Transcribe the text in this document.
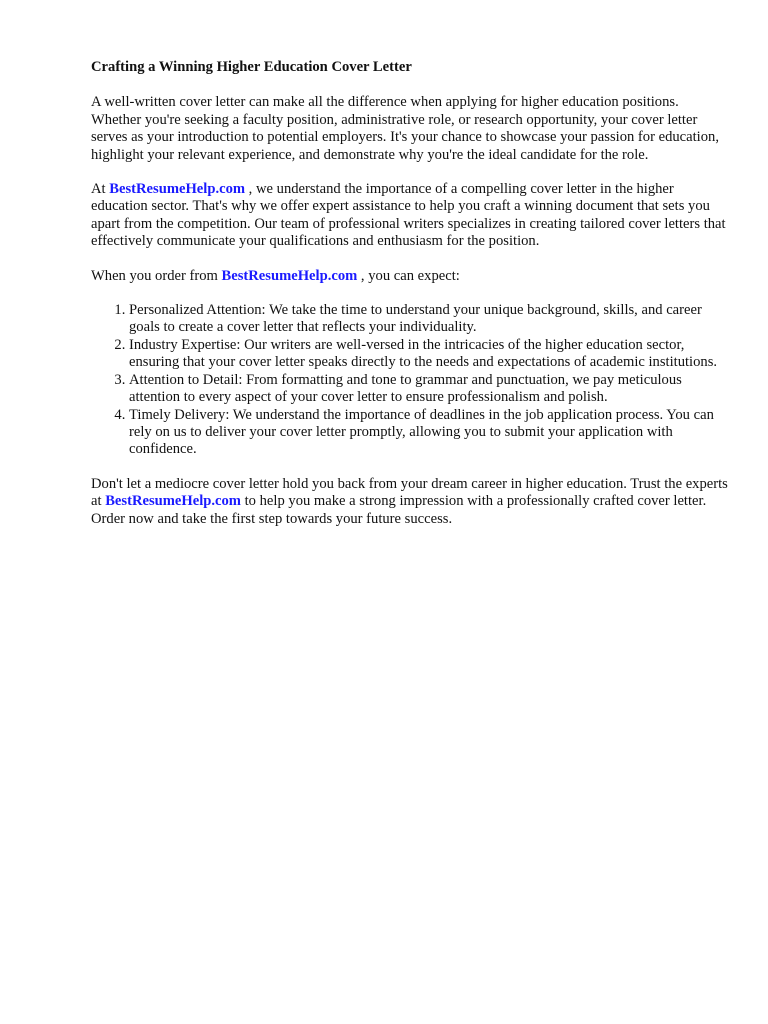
Crafting a Winning Higher Education Cover Letter

A well-written cover letter can make all the difference when applying for higher education positions. Whether you're seeking a faculty position, administrative role, or research opportunity, your cover letter serves as your introduction to potential employers. It's your chance to showcase your passion for education, highlight your relevant experience, and demonstrate why you're the ideal candidate for the role.

At BestResumeHelp.com , we understand the importance of a compelling cover letter in the higher education sector. That's why we offer expert assistance to help you craft a winning document that sets you apart from the competition. Our team of professional writers specializes in creating tailored cover letters that effectively communicate your qualifications and enthusiasm for the position.

When you order from BestResumeHelp.com , you can expect:

1. Personalized Attention: We take the time to understand your unique background, skills, and career goals to create a cover letter that reflects your individuality.
2. Industry Expertise: Our writers are well-versed in the intricacies of the higher education sector, ensuring that your cover letter speaks directly to the needs and expectations of academic institutions.
3. Attention to Detail: From formatting and tone to grammar and punctuation, we pay meticulous attention to every aspect of your cover letter to ensure professionalism and polish.
4. Timely Delivery: We understand the importance of deadlines in the job application process. You can rely on us to deliver your cover letter promptly, allowing you to submit your application with confidence.

Don't let a mediocre cover letter hold you back from your dream career in higher education. Trust the experts at BestResumeHelp.com to help you make a strong impression with a professionally crafted cover letter. Order now and take the first step towards your future success.
